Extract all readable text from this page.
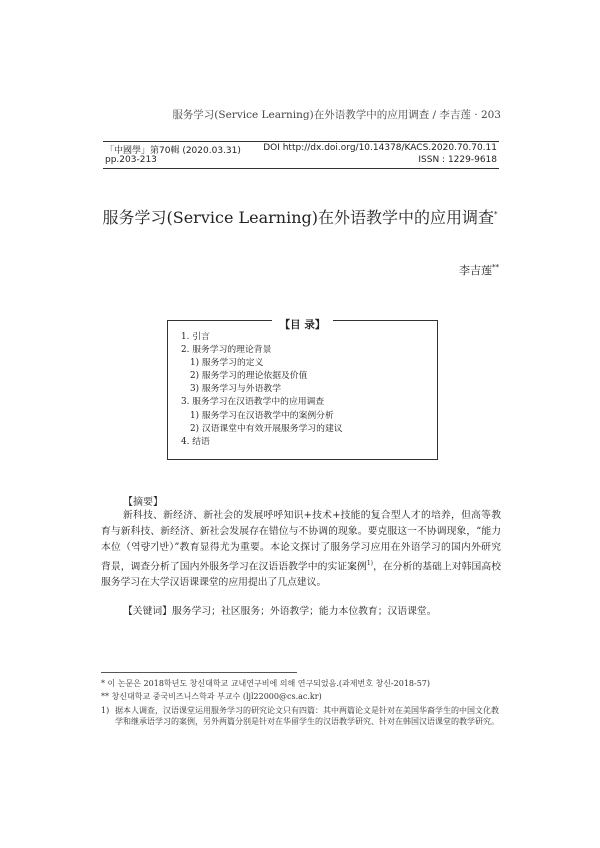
服务学习(Service Learning)在外语教学中的应用调查 / 李吉莲 · 203
「中國學」第70輯 (2020.03.31)
pp.203-213
DOI http://dx.doi.org/10.14378/KACS.2020.70.70.11
ISSN : 1229-9618
服务学习(Service Learning)在外语教学中的应用调查*
李吉莲**
【目 录】
1. 引言
2. 服务学习的理论背景
1) 服务学习的定义
2) 服务学习的理论依据及价值
3) 服务学习与外语教学
3. 服务学习在汉语教学中的应用调查
1) 服务学习在汉语教学中的案例分析
2) 汉语课堂中有效开展服务学习的建议
4. 结语
【摘要】
新科技、新经济、新社会的发展呼呼知识+技术+技能的复合型人才的培养，但高等教育与新科技、新经济、新社会发展存在错位与不协调的现象。要克服这一不协调现象，“能力本位（역량기반）”教育显得尤为重要。本论文探讨了服务学习应用在外语学习的国内外研究背景，调查分析了国内外服务学习在汉语语教学中的实证案例$^{1)}$，在分析的基础上对韩国高校服务学习在大学汉语课课堂的应用提出了几点建议。
【关键词】服务学习；社区服务；外语教学；能力本位教育；汉语课堂。
* 이 논문은 2018학년도 창신대학교 교내연구비에 의해 연구되었음.(과제번호 창신-2018-57)
** 창신대학교 중국비즈니스학과 부교수 (ljl22000@cs.ac.kr)
1) 据本人调查，汉语课堂运用服务学习的研究论文只有四篇：其中两篇论文是针对在美国华裔学生的中国文化教学和继承语学习的案例，另外两篇分别是针对在华留学生的汉语教学研究、针对在韩国汉语课堂的教学研究。
